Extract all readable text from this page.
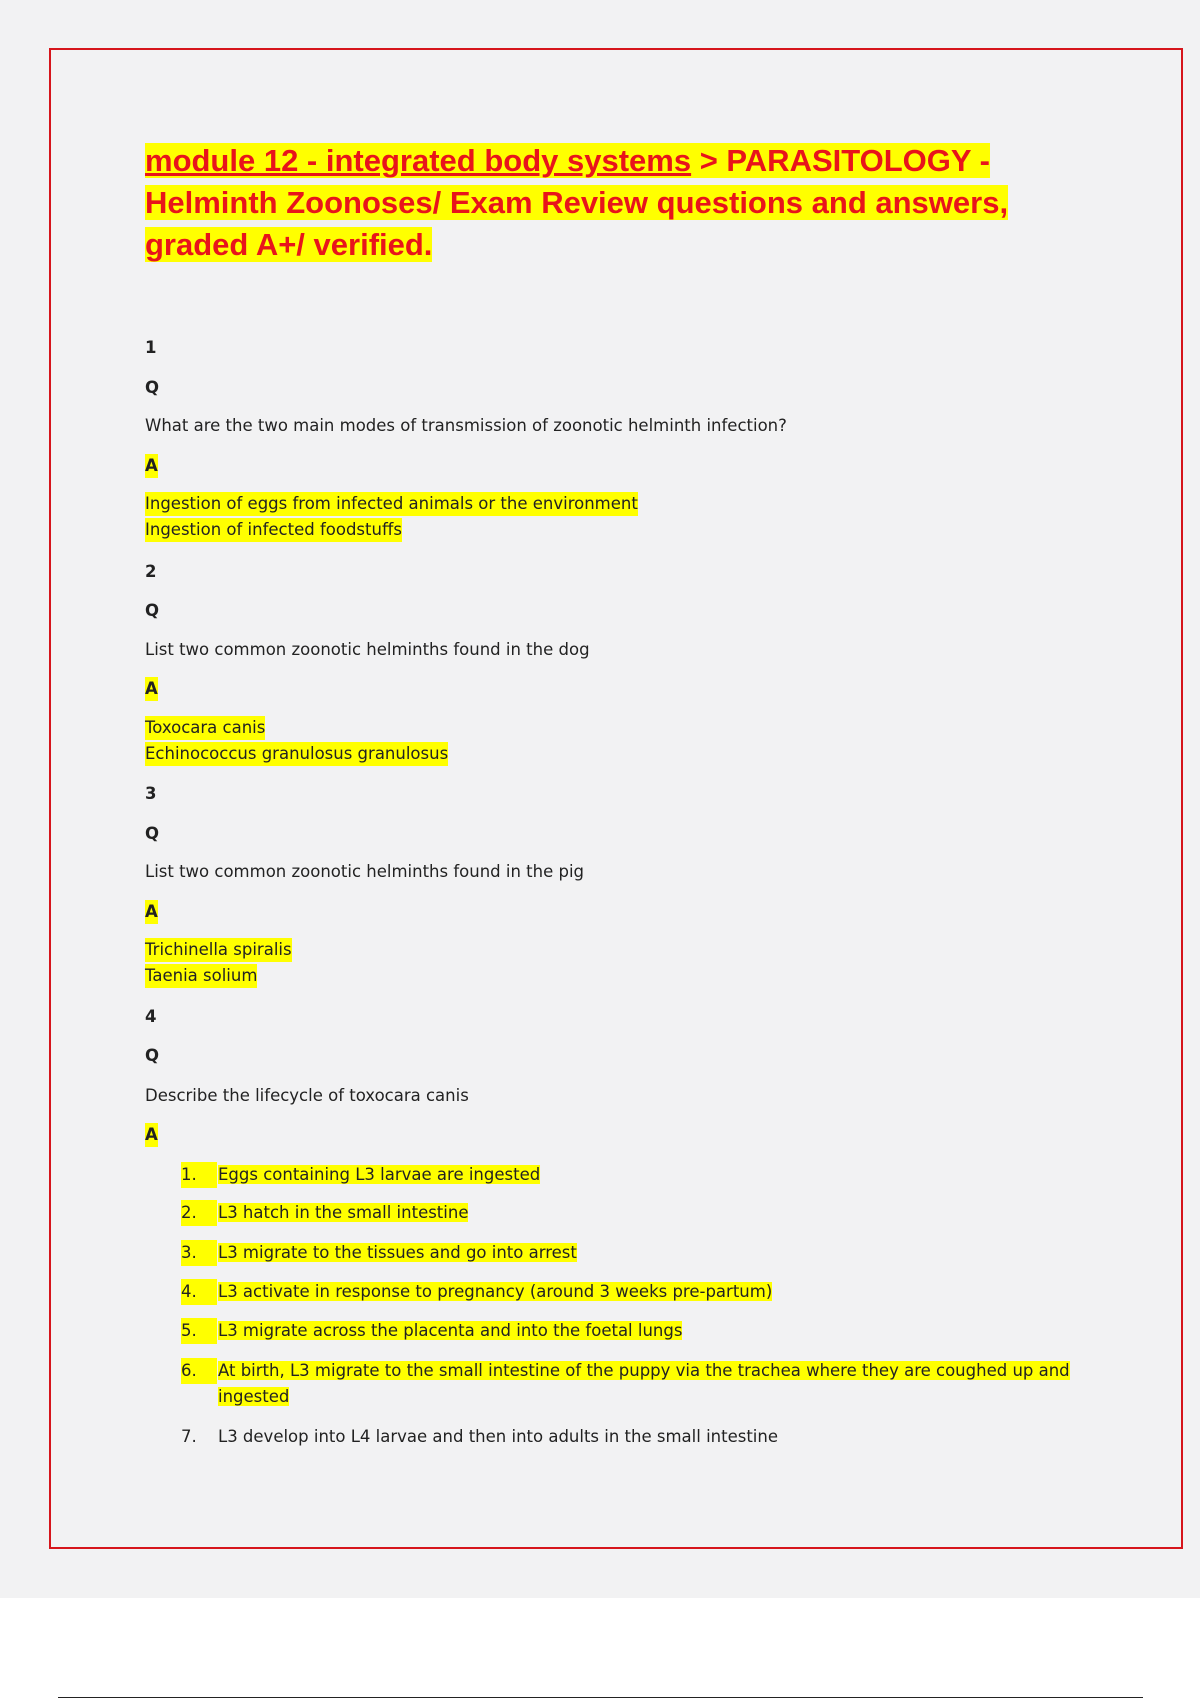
module 12 - integrated body systems > PARASITOLOGY - Helminth Zoonoses/ Exam Review questions and answers, graded A+/ verified.
1
Q
What are the two main modes of transmission of zoonotic helminth infection?
A
Ingestion of eggs from infected animals or the environment
Ingestion of infected foodstuffs
2
Q
List two common zoonotic helminths found in the dog
A
Toxocara canis
Echinococcus granulosus granulosus
3
Q
List two common zoonotic helminths found in the pig
A
Trichinella spiralis
Taenia solium
4
Q
Describe the lifecycle of toxocara canis
A
1.	Eggs containing L3 larvae are ingested
2.	L3 hatch in the small intestine
3.	L3 migrate to the tissues and go into arrest
4.	L3 activate in response to pregnancy (around 3 weeks pre-partum)
5.	L3 migrate across the placenta and into the foetal lungs
6.	At birth, L3 migrate to the small intestine of the puppy via the trachea where they are coughed up and
ingested
7.	L3 develop into L4 larvae and then into adults in the small intestine
